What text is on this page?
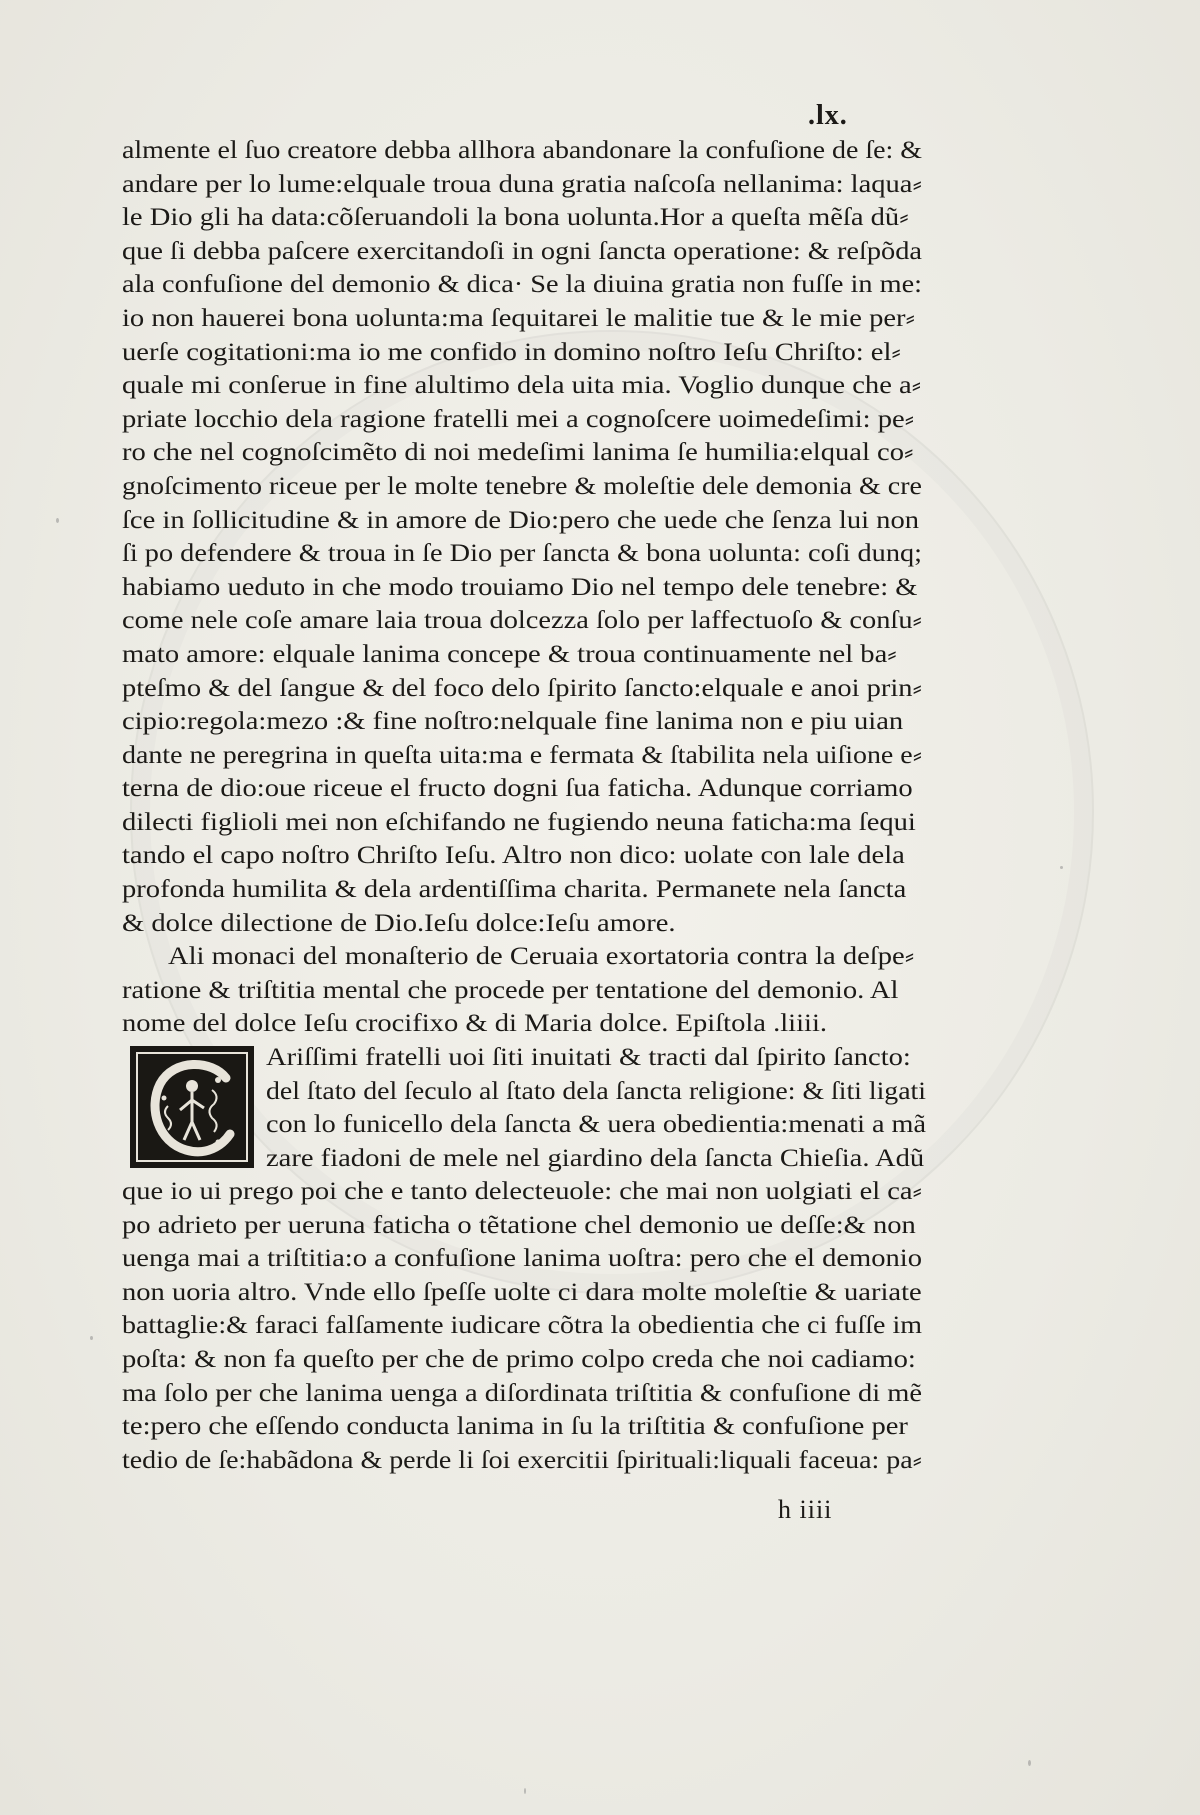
.lx.
almente el ſuo creatore debba allhora abandonare la confuſione de ſe: &
andare per lo lume:elquale troua duna gratia naſcoſa nellanima: laqua⸗
le Dio gli ha data:cõſeruandoli la bona uolunta.Hor a queſta mẽſa dũ⸗
que ſi debba paſcere exercitandoſi in ogni ſancta operatione: & reſpõda
ala confuſione del demonio & dica· Se la diuina gratia non fuſſe in me:
io non hauerei bona uolunta:ma ſequitarei le malitie tue & le mie per⸗
uerſe cogitationi:ma io me confido in domino noſtro Ieſu Chriſto: el⸗
quale mi conſerue in fine alultimo dela uita mia. Voglio dunque che a⸗
priate locchio dela ragione fratelli mei a cognoſcere uoimedeſimi: pe⸗
ro che nel cognoſcimẽto di noi medeſimi lanima ſe humilia:elqual co⸗
gnoſcimento riceue per le molte tenebre & moleſtie dele demonia & cre
ſce in ſollicitudine & in amore de Dio:pero che uede che ſenza lui non
ſi po defendere & troua in ſe Dio per ſancta & bona uolunta: coſi dunq;
habiamo ueduto in che modo trouiamo Dio nel tempo dele tenebre: &
come nele coſe amare laia troua dolcezza ſolo per laffectuoſo & conſu⸗
mato amore: elquale lanima concepe & troua continuamente nel ba⸗
pteſmo & del ſangue & del foco delo ſpirito ſancto:elquale e anoi prin⸗
cipio:regola:mezo :& fine noſtro:nelquale fine lanima non e piu uian
dante ne peregrina in queſta uita:ma e fermata & ſtabilita nela uiſione e⸗
terna de dio:oue riceue el fructo dogni ſua faticha. Adunque corriamo
dilecti figlioli mei non eſchifando ne fugiendo neuna faticha:ma ſequi
tando el capo noſtro Chriſto Ieſu. Altro non dico: uolate con lale dela
profonda humilita & dela ardentiſſima charita. Permanete nela ſancta
& dolce dilectione de Dio.Ieſu dolce:Ieſu amore.
Ali monaci del monaſterio de Ceruaia exortatoria contra la deſpe⸗
ratione & triſtitia mental che procede per tentatione del demonio. Al
nome del dolce Ieſu crocifixo & di Maria dolce. Epiſtola .liiii.
Ariſſimi fratelli uoi ſiti inuitati & tracti dal ſpirito ſancto:
del ſtato del ſeculo al ſtato dela ſancta religione: & ſiti ligati
con lo funicello dela ſancta & uera obedientia:menati a mã
zare fiadoni de mele nel giardino dela ſancta Chieſia. Adũ
que io ui prego poi che e tanto delecteuole: che mai non uolgiati el ca⸗
po adrieto per ueruna faticha o tẽtatione chel demonio ue deſſe:& non
uenga mai a triſtitia:o a confuſione lanima uoſtra: pero che el demonio
non uoria altro. Vnde ello ſpeſſe uolte ci dara molte moleſtie & uariate
battaglie:& faraci falſamente iudicare cõtra la obedientia che ci fuſſe im
poſta: & non fa queſto per che de primo colpo creda che noi cadiamo:
ma ſolo per che lanima uenga a diſordinata triſtitia & confuſione di mẽ
te:pero che eſſendo conducta lanima in ſu la triſtitia & confuſione per
tedio de ſe:habãdona & perde li ſoi exercitii ſpirituali:liquali faceua: pa⸗
h iiii
